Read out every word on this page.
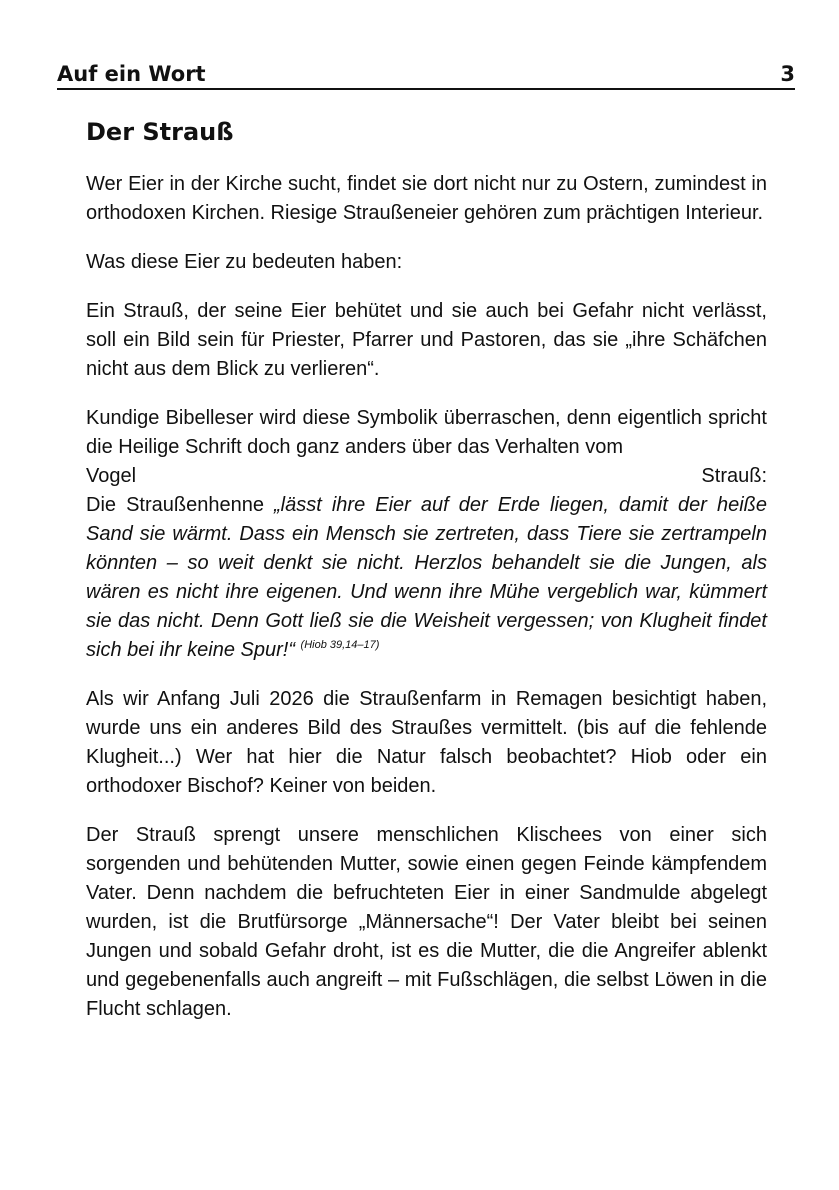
Auf ein Wort	3
Der Strauß

Wer Eier in der Kirche sucht, findet sie dort nicht nur zu Ostern, zumindest in orthodoxen Kirchen. Riesige Straußeneier gehören zum prächtigen Interieur.

Was diese Eier zu bedeuten haben:

Ein Strauß, der seine Eier behütet und sie auch bei Gefahr nicht verlässt, soll ein Bild sein für Priester, Pfarrer und Pastoren, das sie „ihre Schäfchen nicht aus dem Blick zu verlieren“.

Kundige Bibelleser wird diese Symbolik überraschen, denn eigentlich spricht die Heilige Schrift doch ganz anders über das Verhalten vom
Vogel	Strauß:
Die Straußenhenne „lässt ihre Eier auf der Erde liegen, damit der heiße Sand sie wärmt. Dass ein Mensch sie zertreten, dass Tiere sie zertrampeln könnten – so weit denkt sie nicht. Herzlos behandelt sie die Jungen, als wären es nicht ihre eigenen. Und wenn ihre Mühe vergeblich war, kümmert sie das nicht. Denn Gott ließ sie die Weisheit vergessen; von Klugheit findet sich bei ihr keine Spur!“ $^{(Hiob 39,14-17)}$

Als wir Anfang Juli 2026 die Straußenfarm in Remagen besichtigt haben, wurde uns ein anderes Bild des Straußes vermittelt. (bis auf die fehlende Klugheit...) Wer hat hier die Natur falsch beobachtet? Hiob oder ein orthodoxer Bischof? Keiner von beiden.

Der Strauß sprengt unsere menschlichen Klischees von einer sich sorgenden und behütenden Mutter, sowie einen gegen Feinde kämpfendem Vater. Denn nachdem die befruchteten Eier in einer Sandmulde abgelegt wurden, ist die Brutfürsorge „Männersache“! Der Vater bleibt bei seinen Jungen und sobald Gefahr droht, ist es die Mutter, die die Angreifer ablenkt und gegebenenfalls auch angreift – mit Fußschlägen, die selbst Löwen in die Flucht schlagen.
